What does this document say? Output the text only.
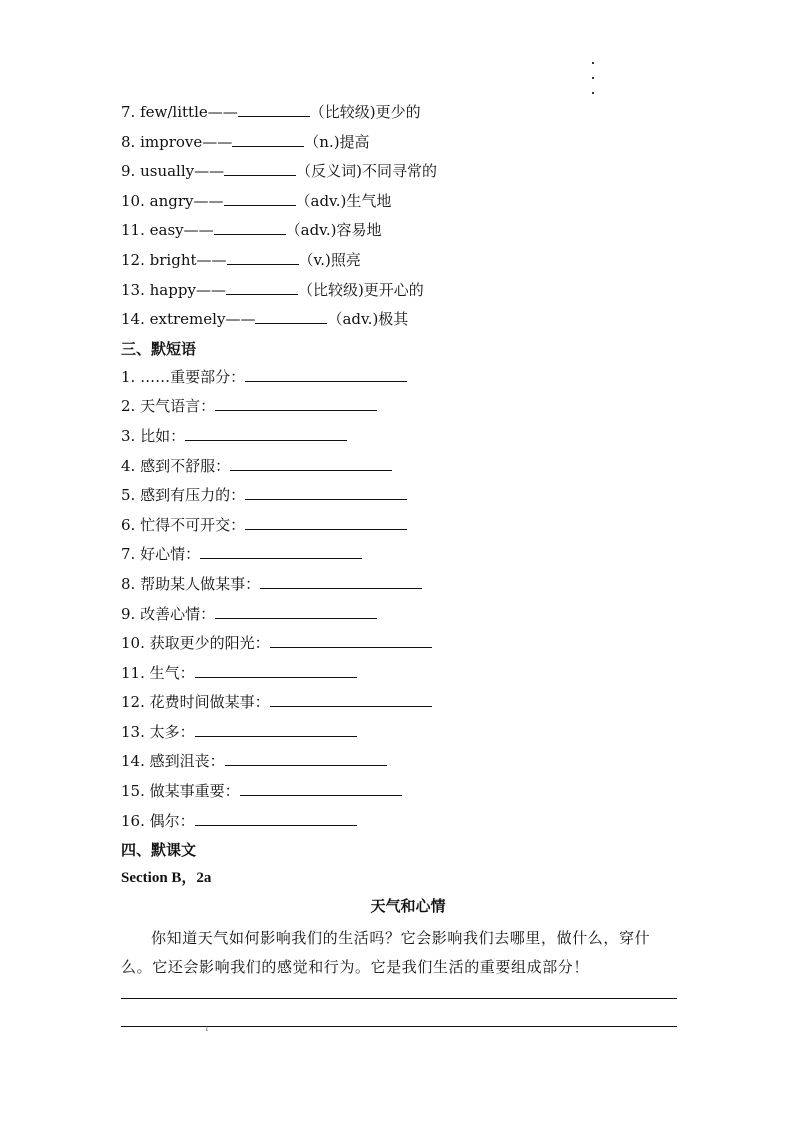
7. few/little——	（比较级)更少的
8. improve——	（n.)提高
9. usually——	（反义词)不同寻常的
10. angry——	（adv.)生气地
11. easy——	（adv.)容易地
12. bright——	（v.)照亮
13. happy——	（比较级)更开心的
14. extremely——	（adv.)极其
三、默短语
1. ……重要部分：
2. 天气语言：
3. 比如：
4. 感到不舒服：
5. 感到有压力的：
6. 忙得不可开交：
7. 好心情：
8. 帮助某人做某事：
9. 改善心情：
10. 获取更少的阳光：
11. 生气：
12. 花费时间做某事：
13. 太多：
14. 感到沮丧：
15. 做某事重要：
16. 偶尔：
四、默课文
Section B，2a
天气和心情
你知道天气如何影响我们的生活吗？它会影响我们去哪里，做什么，穿什么。它还会影响我们的感觉和行为。它是我们生活的重要组成部分！
1
